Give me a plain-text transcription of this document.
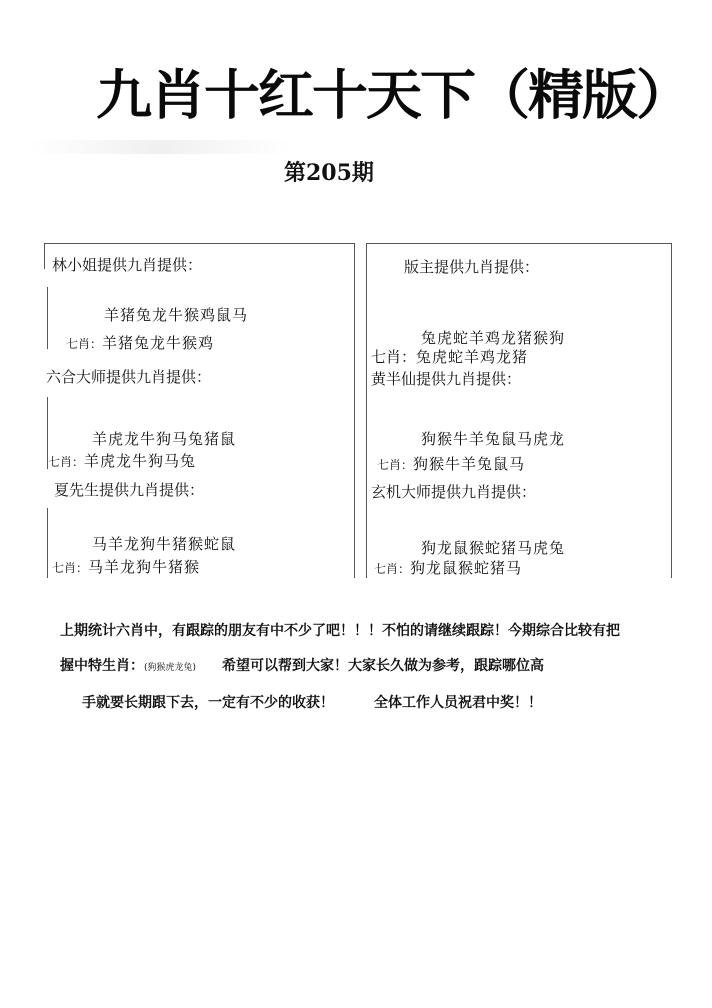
九肖十红十天下（精版）
第205期
林小姐提供九肖提供：
羊猪兔龙牛猴鸡鼠马
七肖：羊猪兔龙牛猴鸡
版主提供九肖提供：
兔虎蛇羊鸡龙猪猴狗
七肖：兔虎蛇羊鸡龙猪
六合大师提供九肖提供：
羊虎龙牛狗马兔猪鼠
七肖：羊虎龙牛狗马兔
黄半仙提供九肖提供：
狗猴牛羊兔鼠马虎龙
七肖：狗猴牛羊兔鼠马
夏先生提供九肖提供：
马羊龙狗牛猪猴蛇鼠
七肖：马羊龙狗牛猪猴
玄机大师提供九肖提供：
狗龙鼠猴蛇猪马虎兔
七肖：狗龙鼠猴蛇猪马
上期统计六肖中，有跟踪的朋友有中不少了吧！！！不怕的请继续跟踪！今期综合比较有把
握中特生肖：(狗猴虎龙兔) 希望可以帮到大家！大家长久做为参考，跟踪哪位高
手就要长期跟下去，一定有不少的收获！	全体工作人员祝君中奖！！
